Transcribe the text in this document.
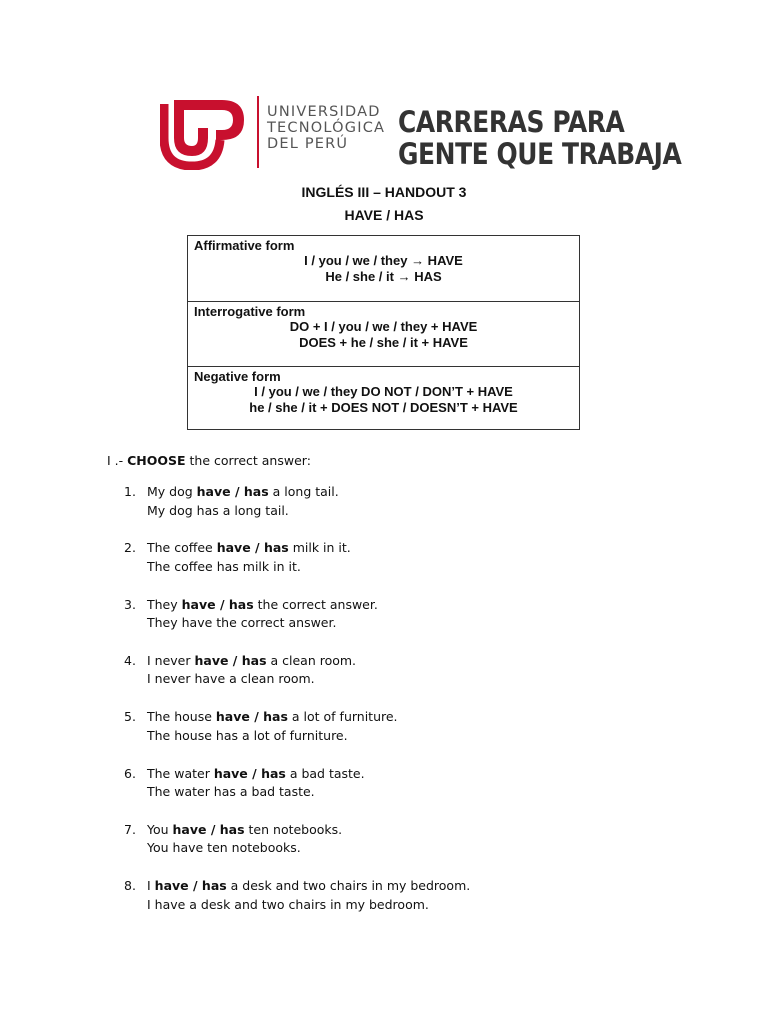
UNIVERSIDAD
TECNOLÓGICA
DEL PERÚ
CARRERAS PARA
GENTE QUE TRABAJA
INGLÉS III – HANDOUT 3
HAVE / HAS
Affirmative form
I / you / we / they → HAVE
He / she / it → HAS
Interrogative form
DO + I / you / we / they + HAVE
DOES + he / she / it + HAVE
Negative form
I / you / we / they DO NOT / DON’T + HAVE
he / she / it + DOES NOT / DOESN’T + HAVE
I .- CHOOSE the correct answer:
1. My dog have / has a long tail.
My dog has a long tail.
2. The coffee have / has milk in it.
The coffee has milk in it.
3. They have / has the correct answer.
They have the correct answer.
4. I never have / has a clean room.
I never have a clean room.
5. The house have / has a lot of furniture.
The house has a lot of furniture.
6. The water have / has a bad taste.
The water has a bad taste.
7. You have / has ten notebooks.
You have ten notebooks.
8. I have / has a desk and two chairs in my bedroom.
I have a desk and two chairs in my bedroom.
